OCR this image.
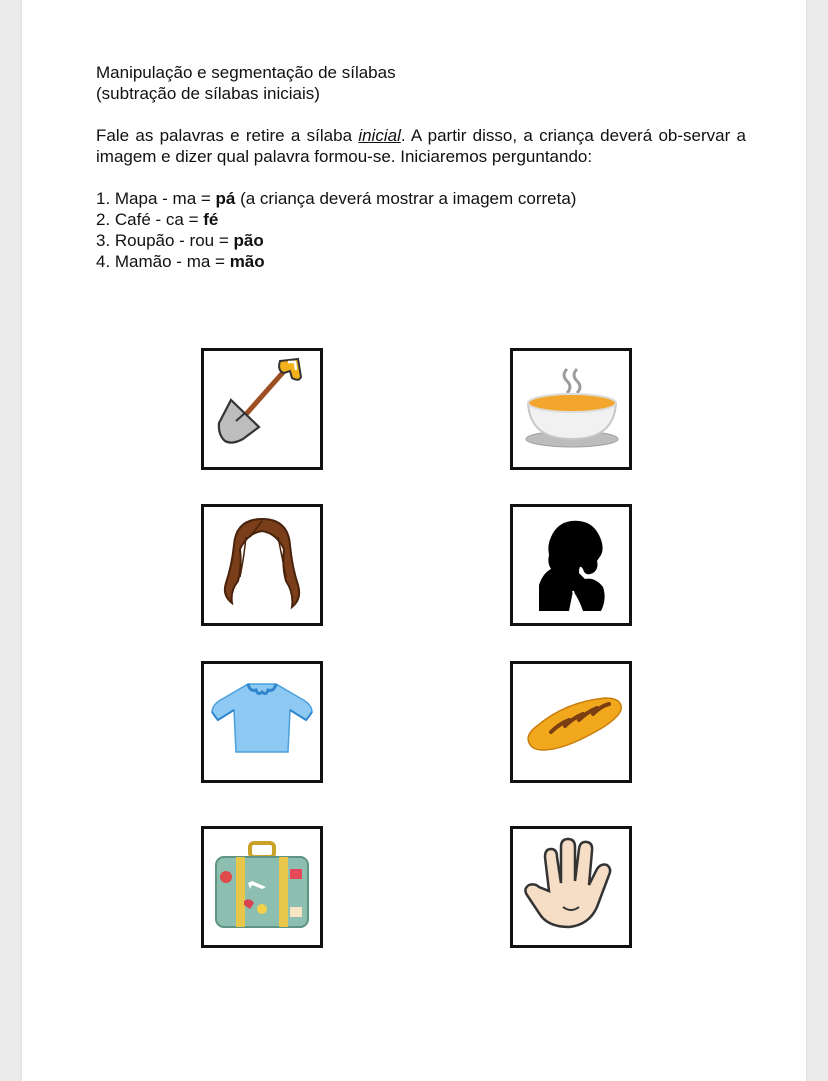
Manipulação e segmentação de sílabas

(subtração de sílabas iniciais)

Fale as palavras e retire a sílaba inicial. A partir disso, a criança deverá ob-servar a imagem e dizer qual palavra formou-se. Iniciaremos perguntando:

1. Mapa - ma = pá (a criança deverá mostrar a imagem correta)

2. Café - ca = fé

3. Roupão - rou = pão

4. Mamão - ma = mão
